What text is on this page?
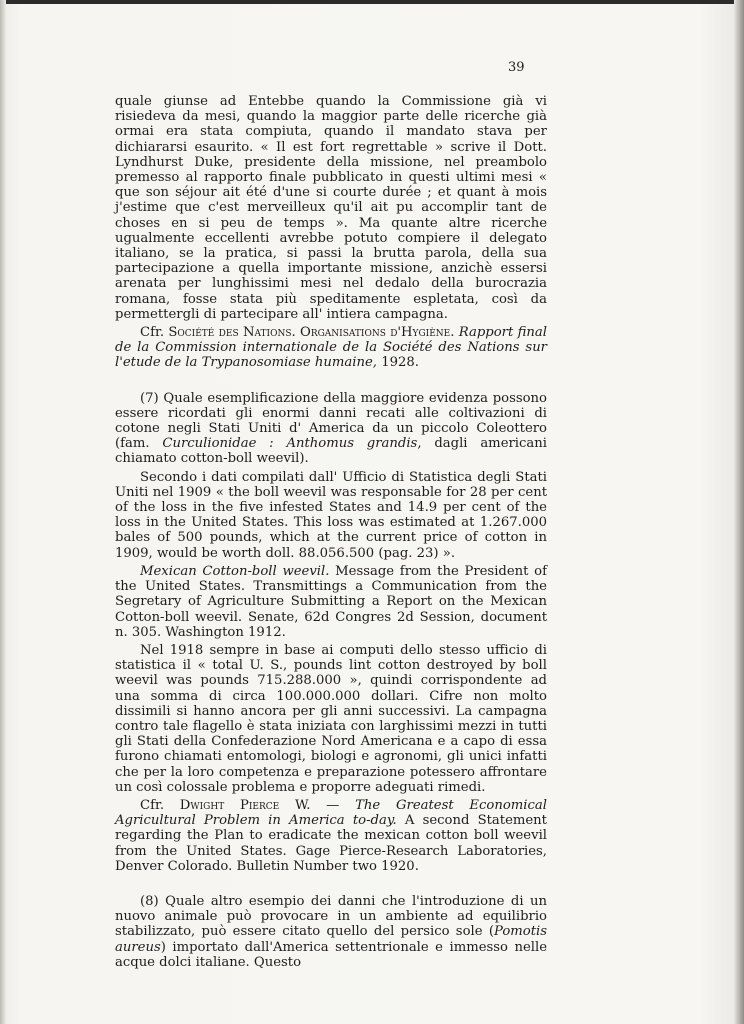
39

quale giunse ad Entebbe quando la Commissione già vi risiedeva da mesi, quando la maggior parte delle ricerche già ormai era stata compiuta, quando il mandato stava per dichiararsi esaurito. « Il est fort regrettable » scrive il Dott. Lyndhurst Duke, presidente della missione, nel preambolo premesso al rapporto finale pubblicato in questi ultimi mesi « que son séjour ait été d'une si courte durée ; et quant à mois j'estime que c'est merveilleux qu'il ait pu accomplir tant de choses en si peu de temps ». Ma quante altre ricerche ugualmente eccellenti avrebbe potuto compiere il delegato italiano, se la pratica, si passi la brutta parola, della sua partecipazione a quella importante missione, anzichè essersi arenata per lunghissimi mesi nel dedalo della burocrazia romana, fosse stata più speditamente espletata, così da permettergli di partecipare all' intiera campagna.

Cfr. Société des Nations. Organisations d'Hygiène. Rapport final de la Commission internationale de la Société des Nations sur l'etude de la Trypanosomiase humaine, 1928.

(7) Quale esemplificazione della maggiore evidenza possono essere ricordati gli enormi danni recati alle coltivazioni di cotone negli Stati Uniti d' America da un piccolo Coleottero (fam. Curculionidae : Anthomus grandis, dagli americani chiamato cotton-boll weevil).

Secondo i dati compilati dall' Ufficio di Statistica degli Stati Uniti nel 1909 « the boll weevil was responsable for 28 per cent of the loss in the five infested States and 14.9 per cent of the loss in the United States. This loss was estimated at 1.267.000 bales of 500 pounds, which at the current price of cotton in 1909, would be worth doll. 88.056.500 (pag. 23) ».

Mexican Cotton-boll weevil. Message from the President of the United States. Transmittings a Communication from the Segretary of Agriculture Submitting a Report on the Mexican Cotton-boll weevil. Senate, 62d Congres 2d Session, document n. 305. Washington 1912.

Nel 1918 sempre in base ai computi dello stesso ufficio di statistica il « total U. S., pounds lint cotton destroyed by boll weevil was pounds 715.288.000 », quindi corrispondente ad una somma di circa 100.000.000 dollari. Cifre non molto dissimili si hanno ancora per gli anni successivi. La campagna contro tale flagello è stata iniziata con larghissimi mezzi in tutti gli Stati della Confederazione Nord Americana e a capo di essa furono chiamati entomologi, biologi e agronomi, gli unici infatti che per la loro competenza e preparazione potessero affrontare un così colossale problema e proporre adeguati rimedi.

Cfr. Dwight Pierce W. — The Greatest Economical Agricultural Problem in America to-day. A second Statement regarding the Plan to eradicate the mexican cotton boll weevil from the United States. Gage Pierce-Research Laboratories, Denver Colorado. Bulletin Number two 1920.

(8) Quale altro esempio dei danni che l'introduzione di un nuovo animale può provocare in un ambiente ad equilibrio stabilizzato, può essere citato quello del persico sole (Pomotis aureus) importato dall'America settentrionale e immesso nelle acque dolci italiane. Questo
